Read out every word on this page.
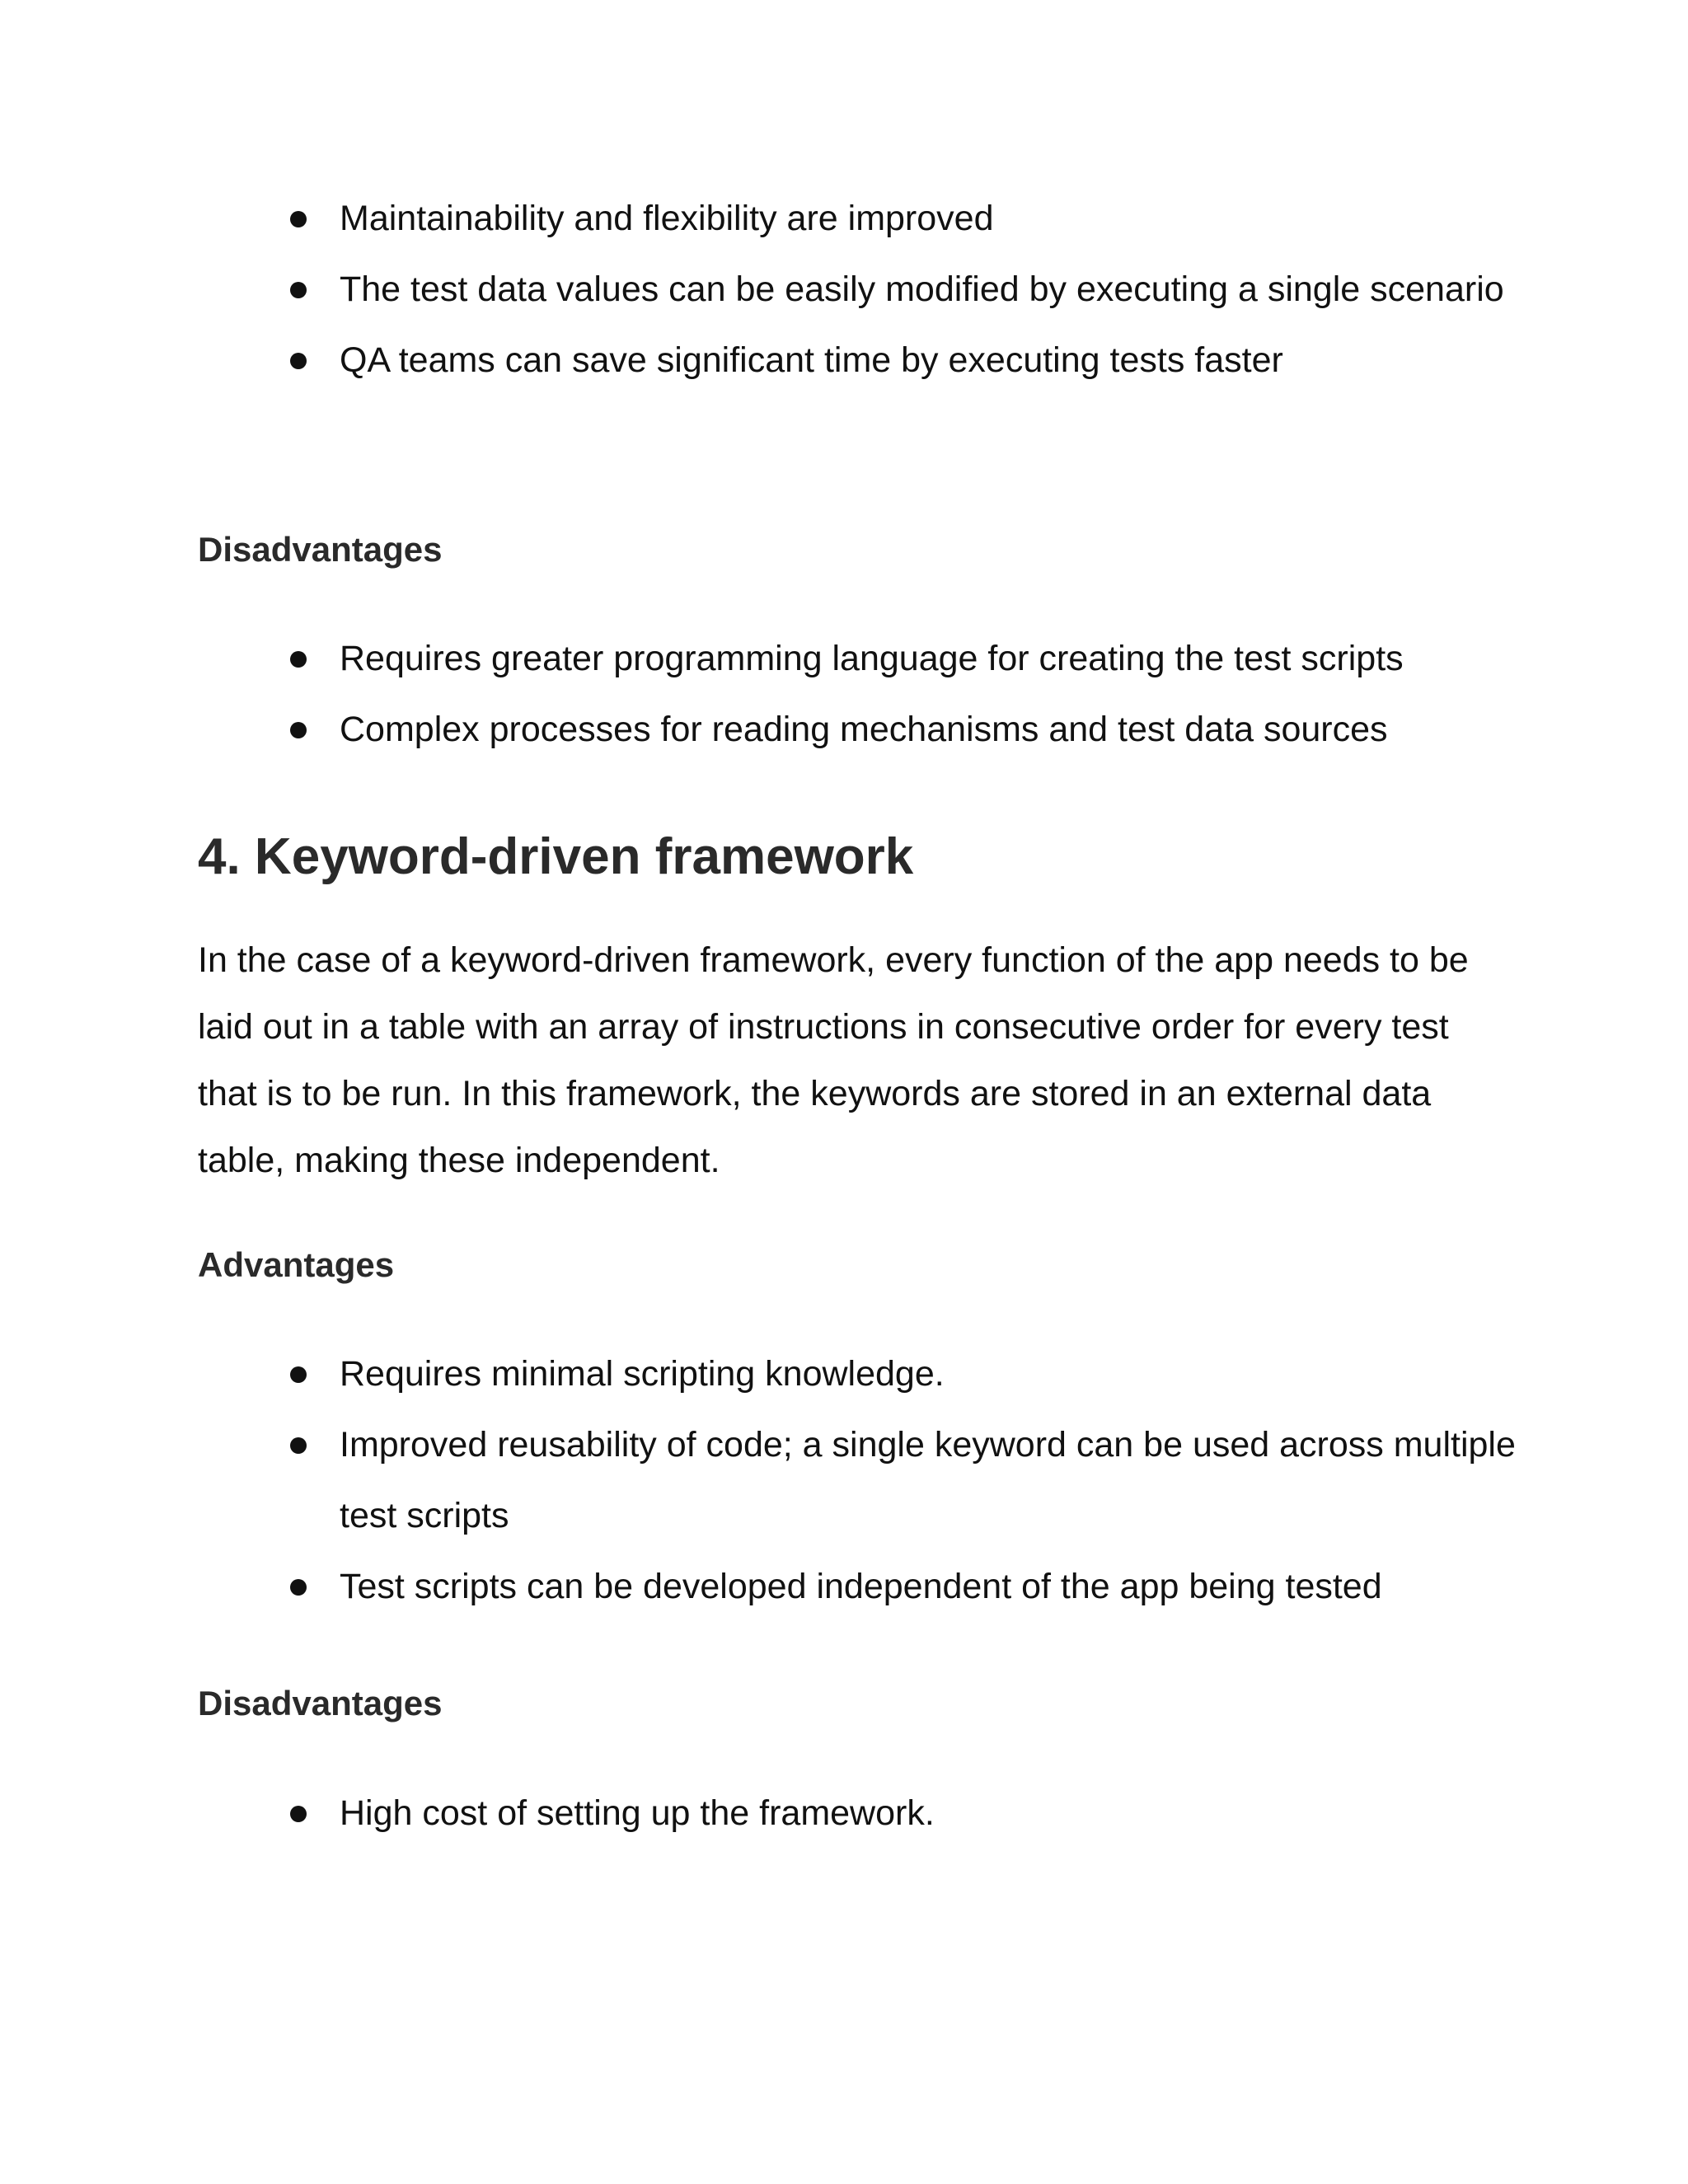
Maintainability and flexibility are improved
The test data values can be easily modified by executing a single scenario
QA teams can save significant time by executing tests faster
Disadvantages
Requires greater programming language for creating the test scripts
Complex processes for reading mechanisms and test data sources
4. Keyword-driven framework

In the case of a keyword-driven framework, every function of the app needs to be laid out in a table with an array of instructions in consecutive order for every test that is to be run. In this framework, the keywords are stored in an external data table, making these independent.

Advantages
Requires minimal scripting knowledge.
Improved reusability of code; a single keyword can be used across multiple test scripts
Test scripts can be developed independent of the app being tested
Disadvantages
High cost of setting up the framework.
